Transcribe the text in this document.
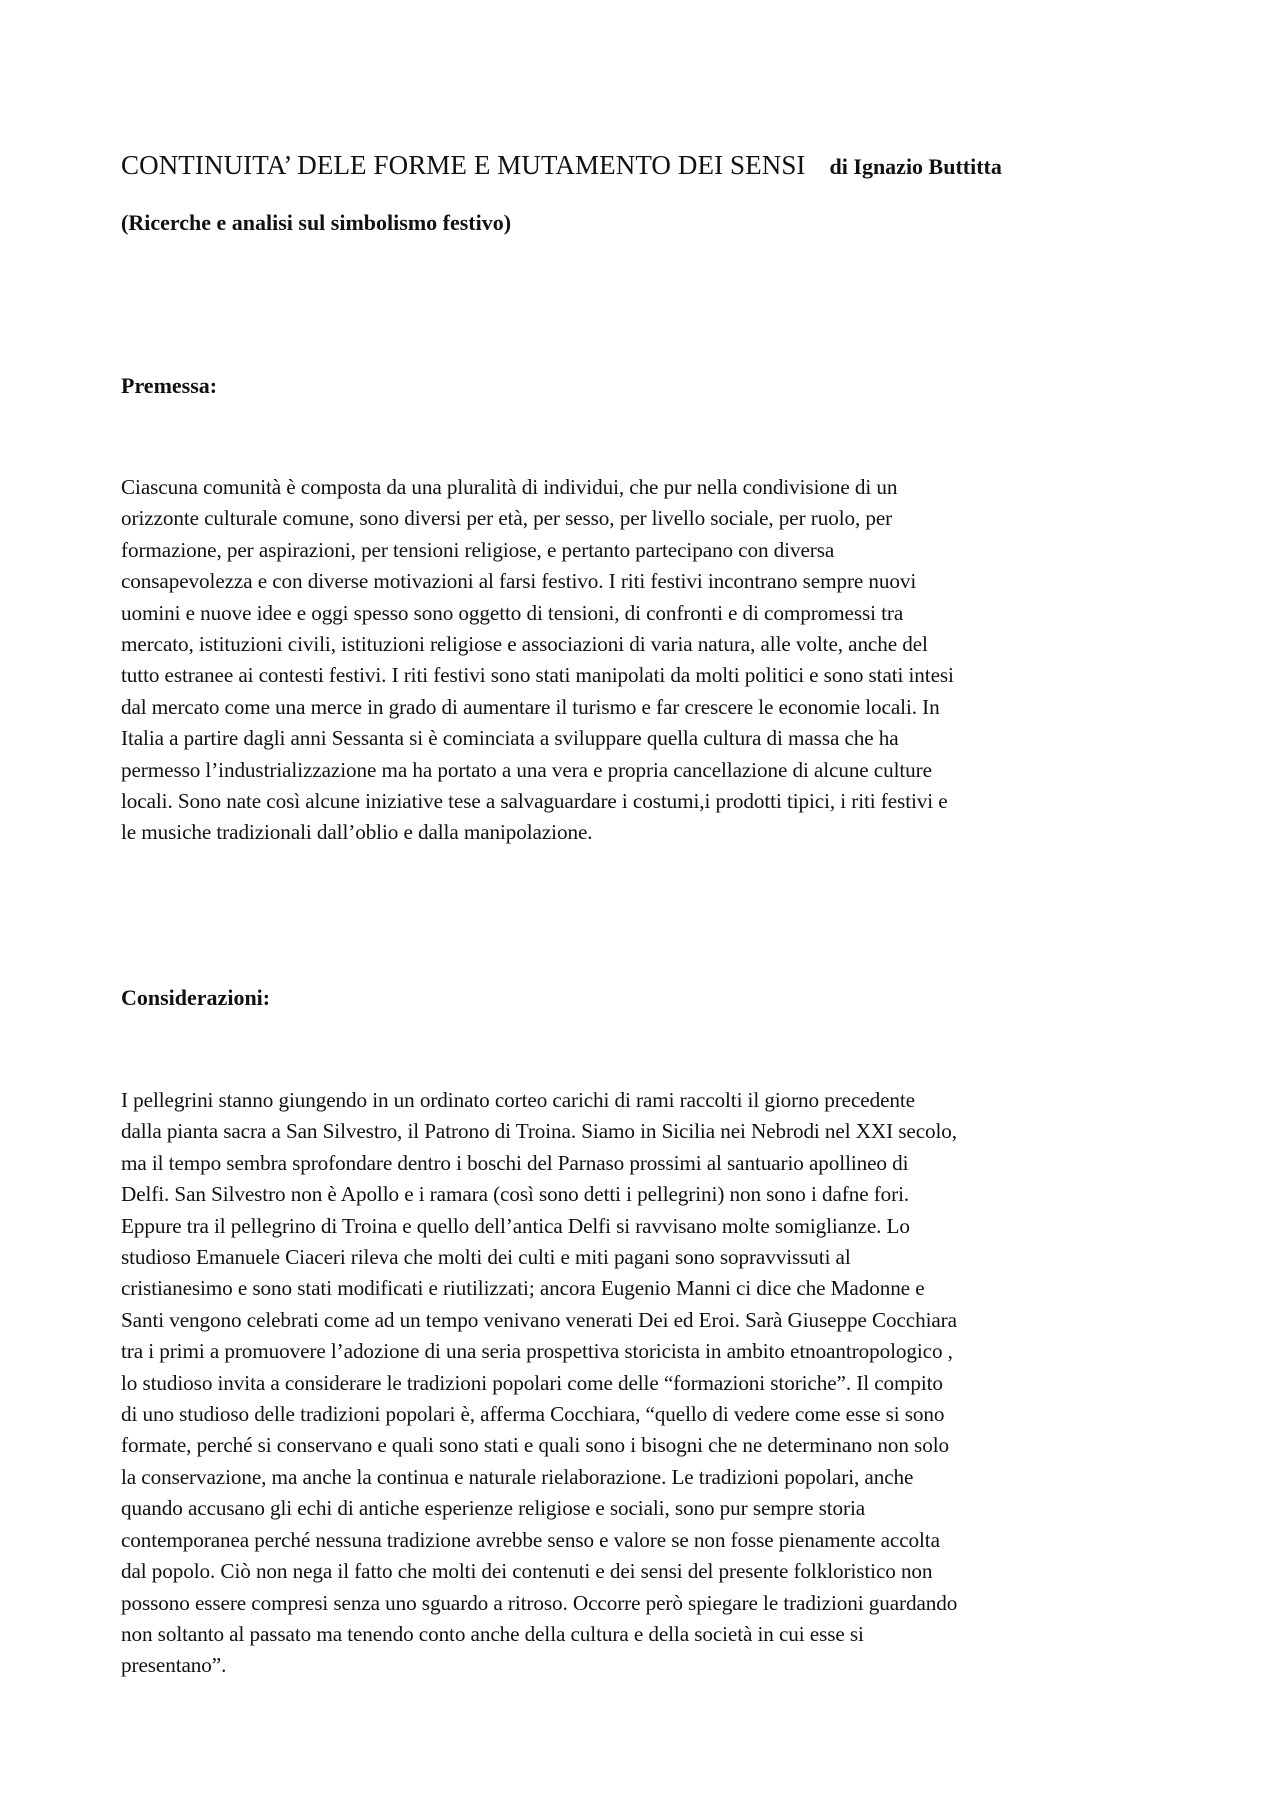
CONTINUITA’ DELE FORME E MUTAMENTO DEI SENSI di Ignazio Buttitta
(Ricerche e analisi sul simbolismo festivo)
Premessa:
Ciascuna comunità è composta da una pluralità di individui, che pur nella condivisione di un
orizzonte culturale comune, sono diversi per età, per sesso, per livello sociale, per ruolo, per
formazione, per aspirazioni, per tensioni religiose, e pertanto partecipano con diversa
consapevolezza e con diverse motivazioni al farsi festivo. I riti festivi incontrano sempre nuovi
uomini e nuove idee e oggi spesso sono oggetto di tensioni, di confronti e di compromessi tra
mercato, istituzioni civili, istituzioni religiose e associazioni di varia natura, alle volte, anche del
tutto estranee ai contesti festivi. I riti festivi sono stati manipolati da molti politici e sono stati intesi
dal mercato come una merce in grado di aumentare il turismo e far crescere le economie locali. In
Italia a partire dagli anni Sessanta si è cominciata a sviluppare quella cultura di massa che ha
permesso l’industrializzazione ma ha portato a una vera e propria cancellazione di alcune culture
locali. Sono nate così alcune iniziative tese a salvaguardare i costumi,i prodotti tipici, i riti festivi e
le musiche tradizionali dall’oblio e dalla manipolazione.
Considerazioni:
I pellegrini stanno giungendo in un ordinato corteo carichi di rami raccolti il giorno precedente
dalla pianta sacra a San Silvestro, il Patrono di Troina. Siamo in Sicilia nei Nebrodi nel XXI secolo,
ma il tempo sembra sprofondare dentro i boschi del Parnaso prossimi al santuario apollineo di
Delfi. San Silvestro non è Apollo e i ramara (così sono detti i pellegrini) non sono i dafne fori.
Eppure tra il pellegrino di Troina e quello dell’antica Delfi si ravvisano molte somiglianze. Lo
studioso Emanuele Ciaceri rileva che molti dei culti e miti pagani sono sopravvissuti al
cristianesimo e sono stati modificati e riutilizzati; ancora Eugenio Manni ci dice che Madonne e
Santi vengono celebrati come ad un tempo venivano venerati Dei ed Eroi. Sarà Giuseppe Cocchiara
tra i primi a promuovere l’adozione di una seria prospettiva storicista in ambito etnoantropologico ,
lo studioso invita a considerare le tradizioni popolari come delle “formazioni storiche”. Il compito
di uno studioso delle tradizioni popolari è, afferma Cocchiara, “quello di vedere come esse si sono
formate, perché si conservano e quali sono stati e quali sono i bisogni che ne determinano non solo
la conservazione, ma anche la continua e naturale rielaborazione. Le tradizioni popolari, anche
quando accusano gli echi di antiche esperienze religiose e sociali, sono pur sempre storia
contemporanea perché nessuna tradizione avrebbe senso e valore se non fosse pienamente accolta
dal popolo. Ciò non nega il fatto che molti dei contenuti e dei sensi del presente folkloristico non
possono essere compresi senza uno sguardo a ritroso. Occorre però spiegare le tradizioni guardando
non soltanto al passato ma tenendo conto anche della cultura e della società in cui esse si
presentano”.
